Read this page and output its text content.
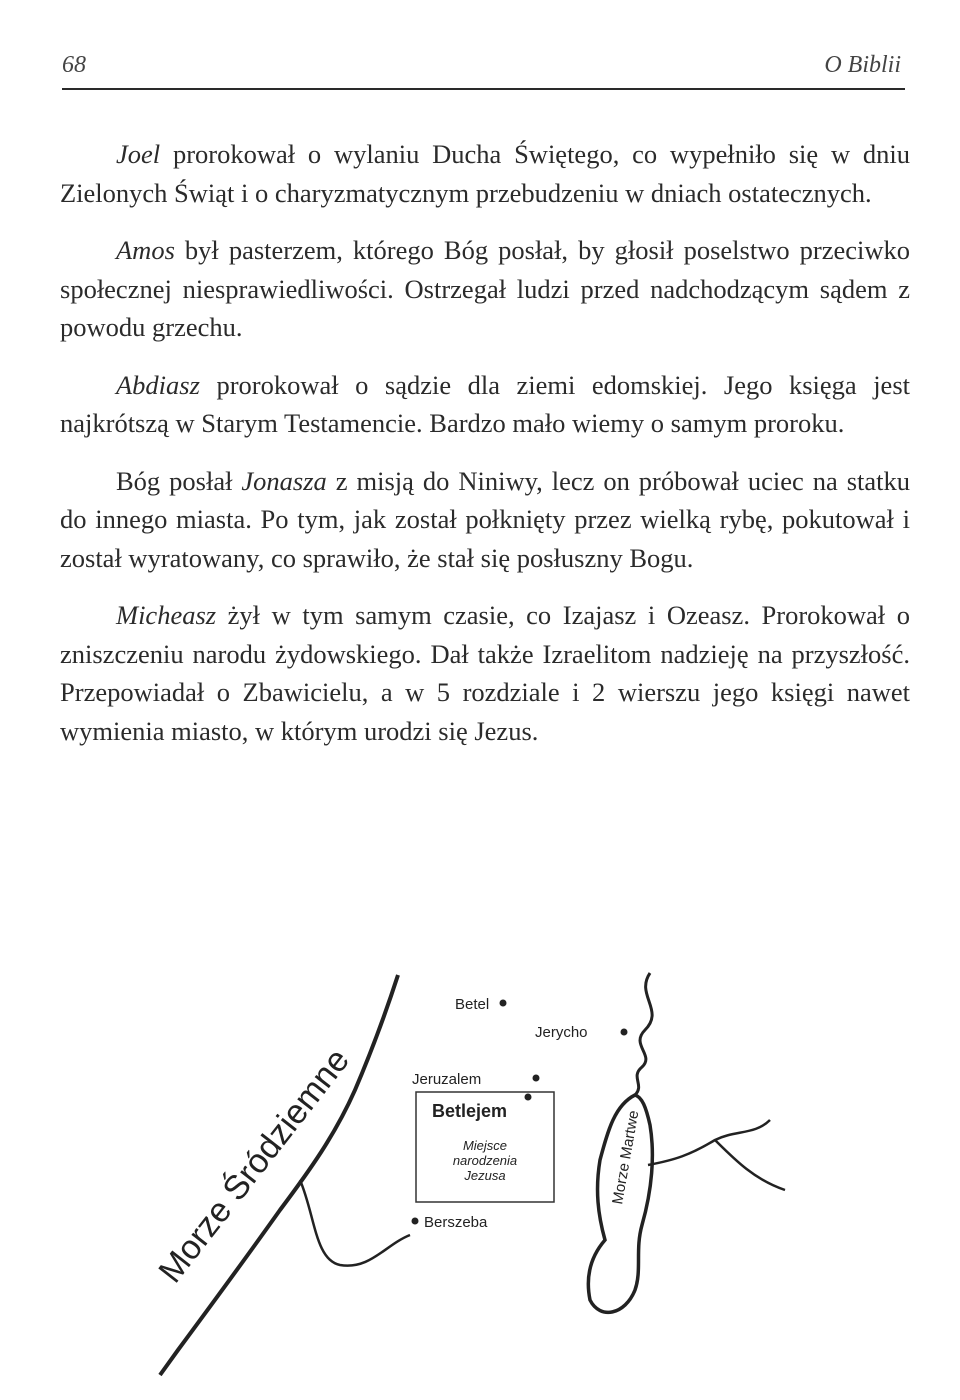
68	O Biblii

Joel prorokował o wylaniu Ducha Świętego, co wypełniło się w dniu Zielonych Świąt i o charyzmatycznym przebudzeniu w dniach ostatecznych.

Amos był pasterzem, którego Bóg posłał, by głosił poselstwo przeciwko społecznej niesprawiedliwości. Ostrzegał ludzi przed nadchodzącym sądem z powodu grzechu.

Abdiasz prorokował o sądzie dla ziemi edomskiej. Jego księga jest najkrótszą w Starym Testamencie. Bardzo mało wiemy o samym proroku.

Bóg posłał Jonasza z misją do Niniwy, lecz on próbował uciec na statku do innego miasta. Po tym, jak został połknięty przez wielką rybę, pokutował i został wyratowany, co sprawiło, że stał się posłuszny Bogu.

Micheasz żył w tym samym czasie, co Izajasz i Ozeasz. Prorokował o zniszczeniu narodu żydowskiego. Dał także Izraelitom nadzieję na przyszłość. Przepowiadał o Zbawicielu, a w 5 rozdziale i 2 wierszu jego księgi nawet wymienia miasto, w którym urodzi się Jezus.

Morze Śródziemne	Morze Martwe
Betel
Jerycho
Jeruzalem
Betlejem
Miejsce
narodzenia
Jezusa
Berszeba
